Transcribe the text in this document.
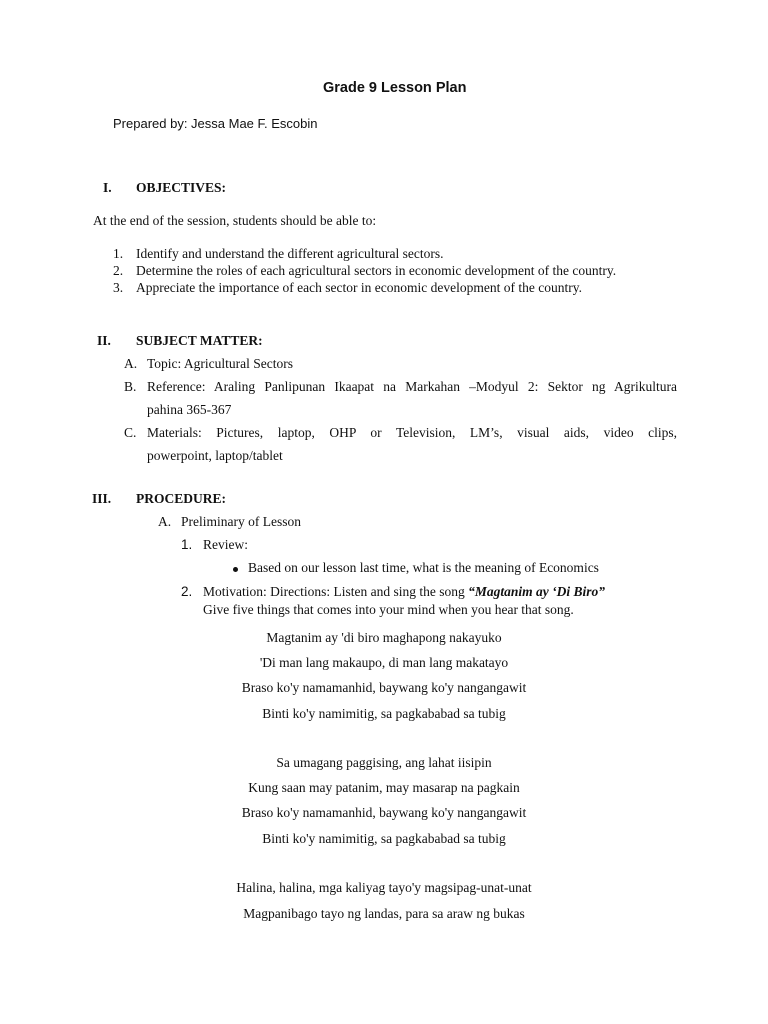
Grade 9 Lesson Plan
Prepared by: Jessa Mae F. Escobin
I. OBJECTIVES:
At the end of the session, students should be able to:
1. Identify and understand the different agricultural sectors.
2. Determine the roles of each agricultural sectors in economic development of the country.
3. Appreciate the importance of each sector in economic development of the country.
II. SUBJECT MATTER:
A. Topic: Agricultural Sectors
B. Reference: Araling Panlipunan Ikaapat na Markahan –Modyul 2: Sektor ng Agrikultura
pahina 365-367
C. Materials: Pictures, laptop, OHP or Television, LM’s, visual aids, video clips,
powerpoint, laptop/tablet
III. PROCEDURE:
A. Preliminary of Lesson
1. Review:
Based on our lesson last time, what is the meaning of Economics
2. Motivation: Directions: Listen and sing the song “Magtanim ay ‘Di Biro”
Give five things that comes into your mind when you hear that song.
Magtanim ay 'di biro maghapong nakayuko
'Di man lang makaupo, di man lang makatayo
Braso ko'y namamanhid, baywang ko'y nangangawit
Binti ko'y namimitig, sa pagkababad sa tubig
Sa umagang paggising, ang lahat iisipin
Kung saan may patanim, may masarap na pagkain
Braso ko'y namamanhid, baywang ko'y nangangawit
Binti ko'y namimitig, sa pagkababad sa tubig
Halina, halina, mga kaliyag tayo'y magsipag-unat-unat
Magpanibago tayo ng landas, para sa araw ng bukas
